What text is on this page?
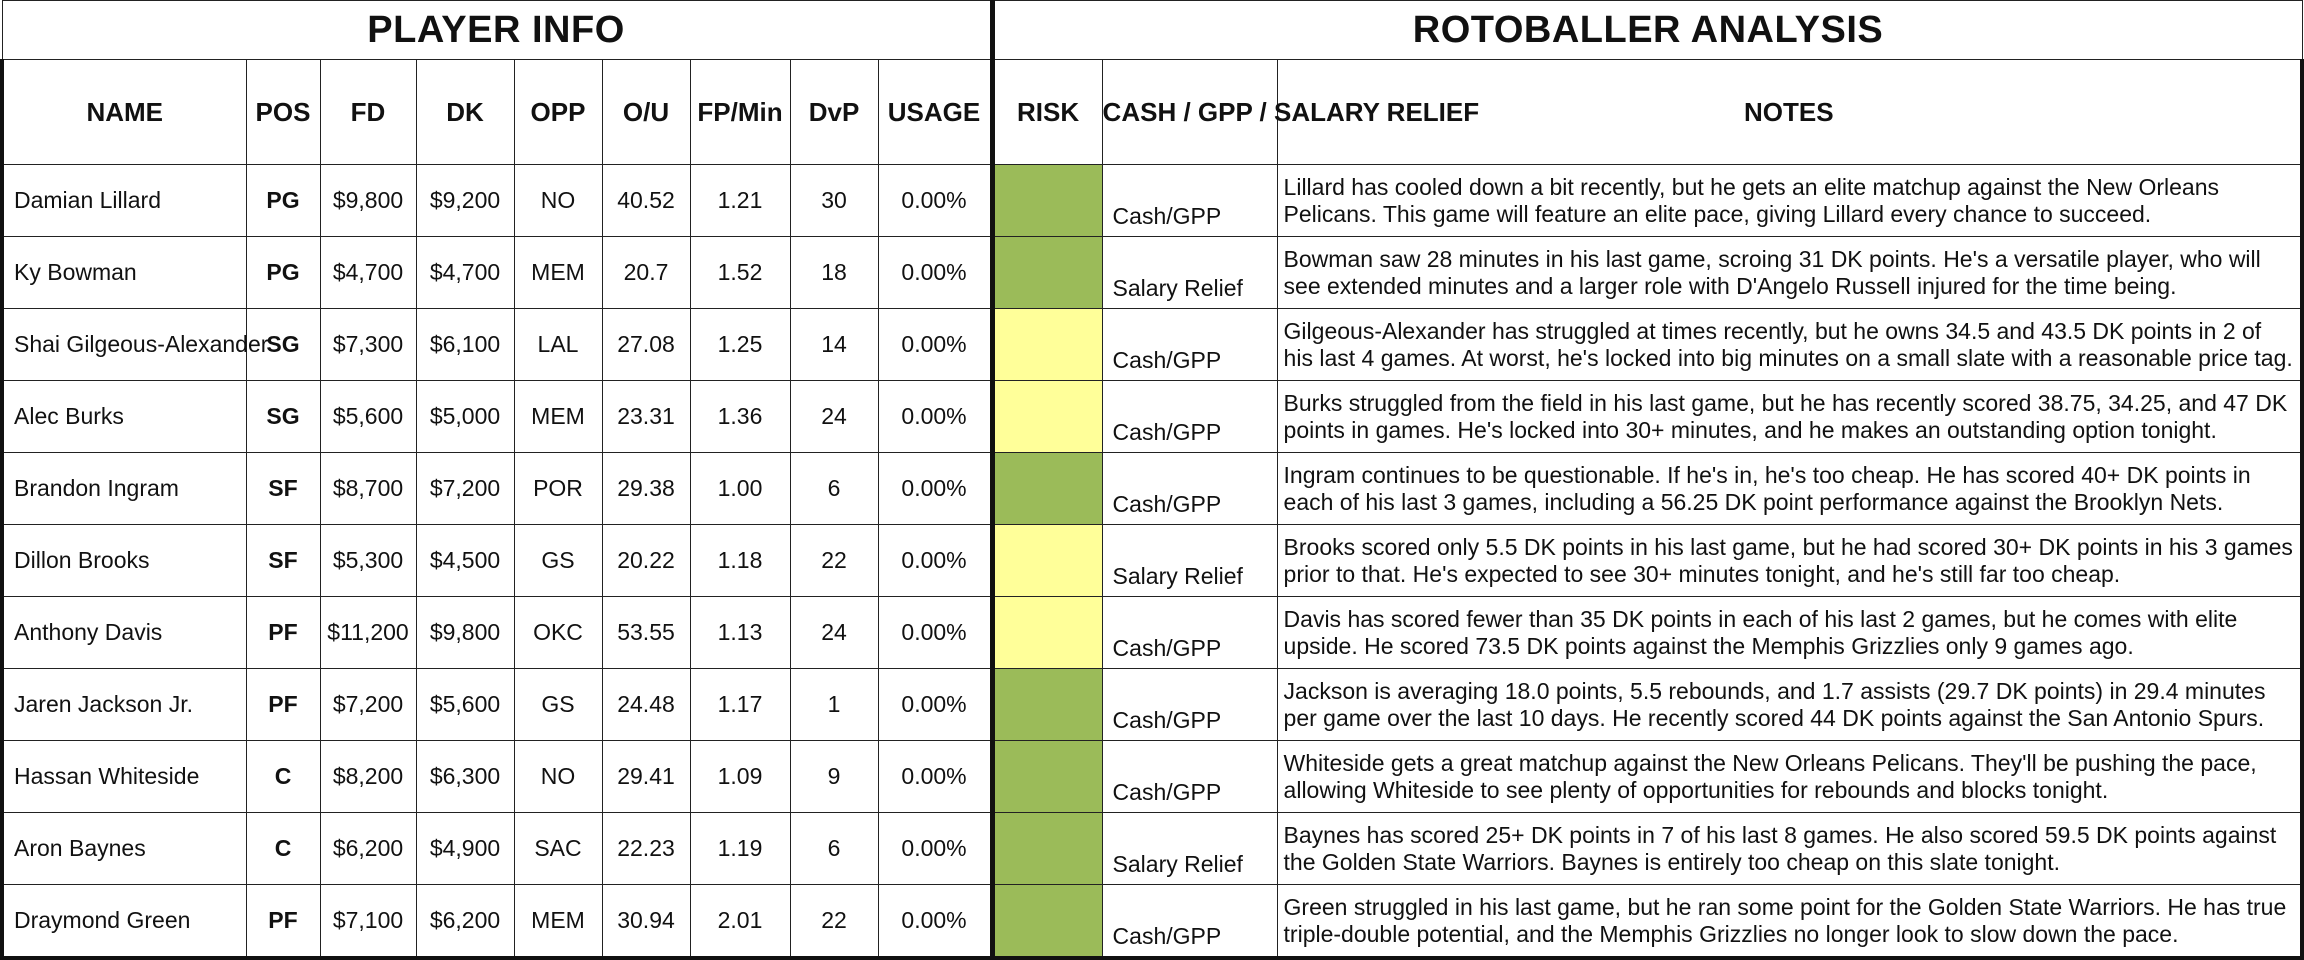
PLAYER INFO									ROTOBALLER ANALYSIS		
NAME	POS	FD	DK	OPP	O/U	FP/Min	DvP	USAGE	RISK	CASH / GPP / SALARY RELIEF	NOTES
Damian Lillard	PG	$9,800	$9,200	NO	40.52	1.21	30	0.00%		Cash/GPP	Lillard has cooled down a bit recently, but he gets an elite matchup against the New Orleans Pelicans. This game will feature an elite pace, giving Lillard every chance to succeed.
Ky Bowman	PG	$4,700	$4,700	MEM	20.7	1.52	18	0.00%		Salary Relief	Bowman saw 28 minutes in his last game, scroing 31 DK points. He's a versatile player, who will see extended minutes and a larger role with D'Angelo Russell injured for the time being.
Shai Gilgeous-Alexander	SG	$7,300	$6,100	LAL	27.08	1.25	14	0.00%		Cash/GPP	Gilgeous-Alexander has struggled at times recently, but he owns 34.5 and 43.5 DK points in 2 of his last 4 games. At worst, he's locked into big minutes on a small slate with a reasonable price tag.
Alec Burks	SG	$5,600	$5,000	MEM	23.31	1.36	24	0.00%		Cash/GPP	Burks struggled from the field in his last game, but he has recently scored 38.75, 34.25, and 47 DK points in games. He's locked into 30+ minutes, and he makes an outstanding option tonight.
Brandon Ingram	SF	$8,700	$7,200	POR	29.38	1.00	6	0.00%		Cash/GPP	Ingram continues to be questionable. If he's in, he's too cheap. He has scored 40+ DK points in each of his last 3 games, including a 56.25 DK point performance against the Brooklyn Nets.
Dillon Brooks	SF	$5,300	$4,500	GS	20.22	1.18	22	0.00%		Salary Relief	Brooks scored only 5.5 DK points in his last game, but he had scored 30+ DK points in his 3 games prior to that. He's expected to see 30+ minutes tonight, and he's still far too cheap.
Anthony Davis	PF	$11,200	$9,800	OKC	53.55	1.13	24	0.00%		Cash/GPP	Davis has scored fewer than 35 DK points in each of his last 2 games, but he comes with elite upside. He scored 73.5 DK points against the Memphis Grizzlies only 9 games ago.
Jaren Jackson Jr.	PF	$7,200	$5,600	GS	24.48	1.17	1	0.00%		Cash/GPP	Jackson is averaging 18.0 points, 5.5 rebounds, and 1.7 assists (29.7 DK points) in 29.4 minutes per game over the last 10 days. He recently scored 44 DK points against the San Antonio Spurs.
Hassan Whiteside	C	$8,200	$6,300	NO	29.41	1.09	9	0.00%		Cash/GPP	Whiteside gets a great matchup against the New Orleans Pelicans. They'll be pushing the pace, allowing Whiteside to see plenty of opportunities for rebounds and blocks tonight.
Aron Baynes	C	$6,200	$4,900	SAC	22.23	1.19	6	0.00%		Salary Relief	Baynes has scored 25+ DK points in 7 of his last 8 games. He also scored 59.5 DK points against the Golden State Warriors. Baynes is entirely too cheap on this slate tonight.
Draymond Green	PF	$7,100	$6,200	MEM	30.94	2.01	22	0.00%		Cash/GPP	Green struggled in his last game, but he ran some point for the Golden State Warriors. He has true triple-double potential, and the Memphis Grizzlies no longer look to slow down the pace.
